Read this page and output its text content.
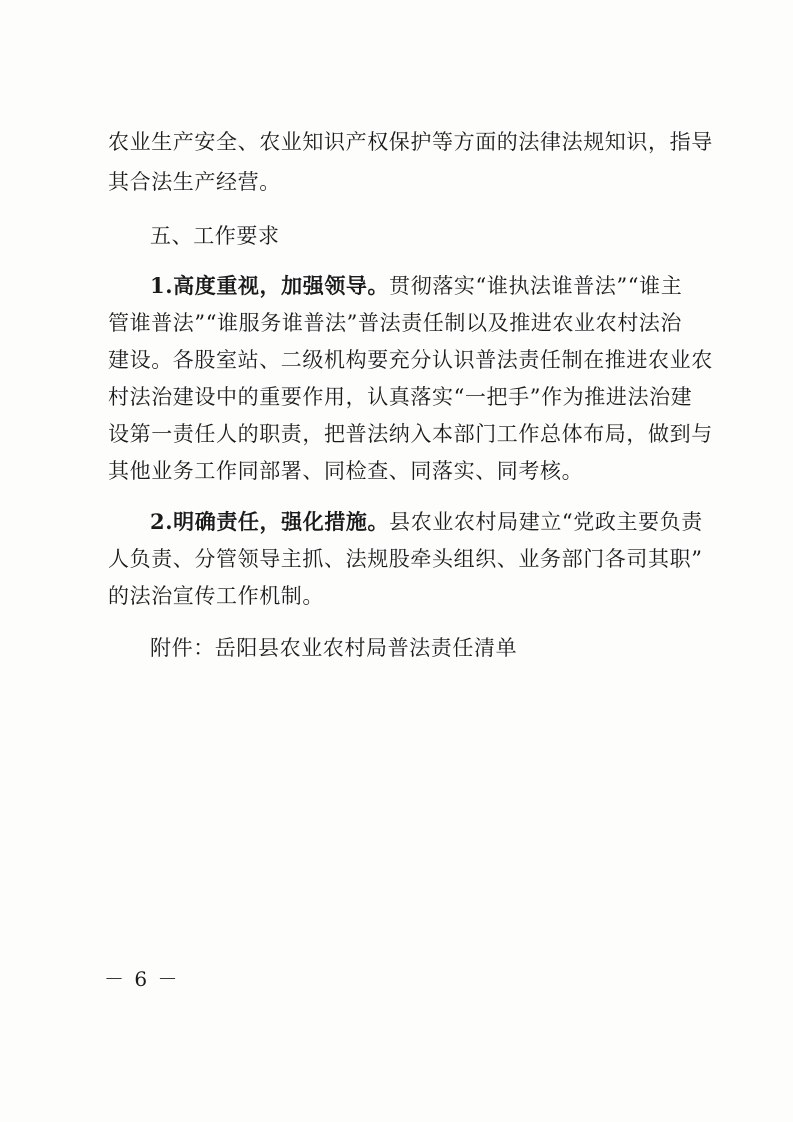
农业生产安全、农业知识产权保护等方面的法律法规知识，指导
其合法生产经营。
五、工作要求
1.高度重视，加强领导。贯彻落实“谁执法谁普法”“谁主
管谁普法”“谁服务谁普法”普法责任制以及推进农业农村法治
建设。各股室站、二级机构要充分认识普法责任制在推进农业农
村法治建设中的重要作用，认真落实“一把手”作为推进法治建
设第一责任人的职责，把普法纳入本部门工作总体布局，做到与
其他业务工作同部署、同检查、同落实、同考核。
2.明确责任，强化措施。县农业农村局建立“党政主要负责
人负责、分管领导主抓、法规股牵头组织、业务部门各司其职”
的法治宣传工作机制。
附件：岳阳县农业农村局普法责任清单
－ 6 －
